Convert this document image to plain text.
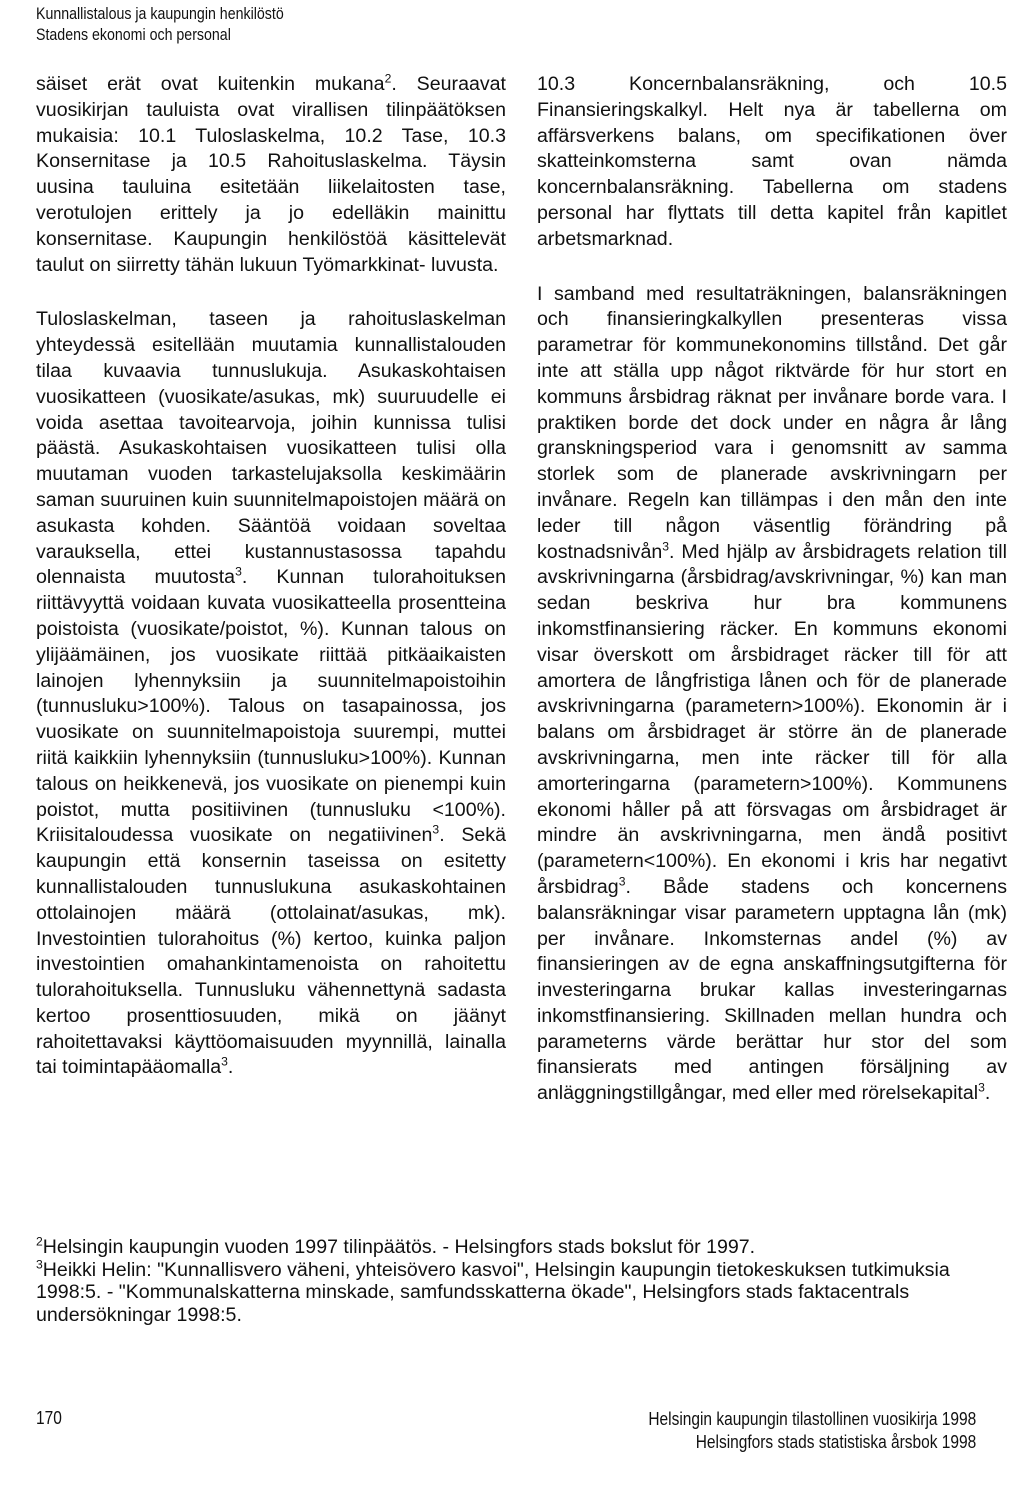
Kunnallistalous ja kaupungin henkilöstö
Stadens ekonomi och personal

säiset erät ovat kuitenkin mukana$^2$. Seuraavat vuosikirjan tauluista ovat virallisen tilinpäätöksen mukaisia: 10.1 Tuloslaskelma, 10.2 Tase, 10.3 Konsernitase ja 10.5 Rahoituslaskelma. Täysin uusina tauluina esitetään liikelaitosten tase, verotulojen erittely ja jo edelläkin mainittu konsernitase. Kaupungin henkilöstöä käsittelevät taulut on siirretty tähän lukuun Työmarkkinat- luvusta.

Tuloslaskelman, taseen ja rahoituslaskelman yhteydessä esitellään muutamia kunnallistalouden tilaa kuvaavia tunnuslukuja. Asukaskohtaisen vuosikatteen (vuosikate/asukas, mk) suuruudelle ei voida asettaa tavoitearvoja, joihin kunnissa tulisi päästä. Asukaskohtaisen vuosikatteen tulisi olla muutaman vuoden tarkastelujaksolla keskimäärin saman suuruinen kuin suunnitelmapoistojen määrä on asukasta kohden. Sääntöä voidaan soveltaa varauksella, ettei kustannustasossa tapahdu olennaista muutosta$^3$. Kunnan tulorahoituksen riittävyyttä voidaan kuvata vuosikatteella prosentteina poistoista (vuosikate/poistot, %). Kunnan talous on ylijäämäinen, jos vuosikate riittää pitkäaikaisten lainojen lyhennyksiin ja suunnitelmapoistoihin (tunnusluku>100%). Talous on tasapainossa, jos vuosikate on suunnitelmapoistoja suurempi, muttei riitä kaikkiin lyhennyksiin (tunnusluku>100%). Kunnan talous on heikkenevä, jos vuosikate on pienempi kuin poistot, mutta positiivinen (tunnusluku <100%). Kriisitaloudessa vuosikate on negatiivinen$^3$. Sekä kaupungin että konsernin taseissa on esitetty kunnallistalouden tunnuslukuna asukaskohtainen ottolainojen määrä (ottolainat/asukas, mk). Investointien tulorahoitus (%) kertoo, kuinka paljon investointien omahankintamenoista on rahoitettu tulorahoituksella. Tunnusluku vähennettynä sadasta kertoo prosenttiosuuden, mikä on jäänyt rahoitettavaksi käyttöomaisuuden myynnillä, lainalla tai toimintapääomalla$^3$.

10.3 Koncernbalansräkning, och 10.5 Finansieringskalkyl. Helt nya är tabellerna om affärsverkens balans, om specifikationen över skatteinkomsterna samt ovan nämda koncernbalansräkning. Tabellerna om stadens personal har flyttats till detta kapitel från kapitlet arbetsmarknad.

I samband med resultaträkningen, balansräkningen och finansieringkalkyllen presenteras vissa parametrar för kommunekonomins tillstånd. Det går inte att ställa upp något riktvärde för hur stort en kommuns årsbidrag räknat per invånare borde vara. I praktiken borde det dock under en några år lång granskningsperiod vara i genomsnitt av samma storlek som de planerade avskrivningarn per invånare. Regeln kan tillämpas i den mån den inte leder till någon väsentlig förändring på kostnadsnivån$^3$. Med hjälp av årsbidragets relation till avskrivningarna (årsbidrag/avskrivningar, %) kan man sedan beskriva hur bra kommunens inkomstfinansiering räcker. En kommuns ekonomi visar överskott om årsbidraget räcker till för att amortera de långfristiga lånen och för de planerade avskrivningarna (parametern>100%). Ekonomin är i balans om årsbidraget är större än de planerade avskrivningarna, men inte räcker till för alla amorteringarna (parametern>100%). Kommunens ekonomi håller på att försvagas om årsbidraget är mindre än avskrivningarna, men ändå positivt (parametern<100%). En ekonomi i kris har negativt årsbidrag$^3$. Både stadens och koncernens balansräkningar visar parametern upptagna lån (mk) per invånare. Inkomsternas andel (%) av finansieringen av de egna anskaffningsutgifterna för investeringarna brukar kallas investeringarnas inkomstfinansiering. Skillnaden mellan hundra och parameterns värde berättar hur stor del som finansierats med antingen försäljning av anläggningstillgångar, med eller med rörelsekapital$^3$.

$^2$Helsingin kaupungin vuoden 1997 tilinpäätös. - Helsingfors stads bokslut för 1997.

$^3$Heikki Helin: "Kunnallisvero väheni, yhteisövero kasvoi", Helsingin kaupungin tietokeskuksen tutkimuksia 1998:5. - "Kommunalskatterna minskade, samfundsskatterna ökade", Helsingfors stads faktacentrals undersökningar 1998:5.

170	Helsingin kaupungin tilastollinen vuosikirja 1998
Helsingfors stads statistiska årsbok 1998
